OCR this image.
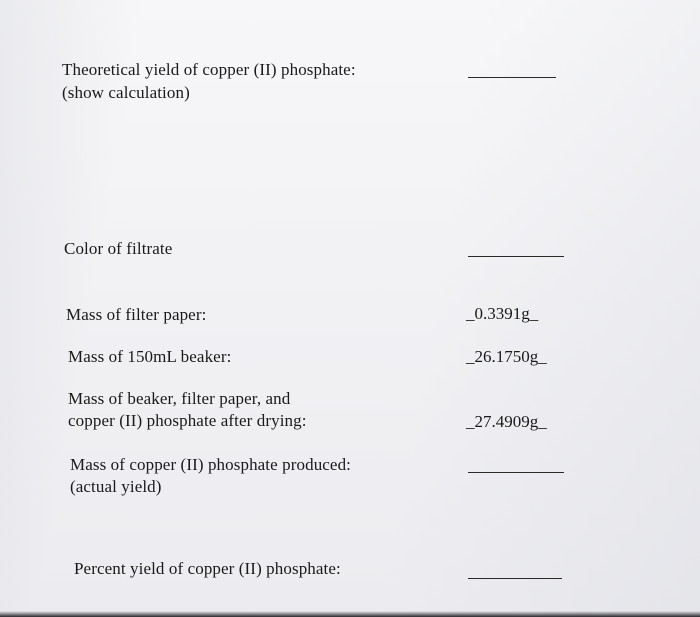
Theoretical yield of copper (II) phosphate:
(show calculation)
Color of filtrate
Mass of filter paper:	_0.3391g_
Mass of 150mL beaker:	_26.1750g_
Mass of beaker, filter paper, and
copper (II) phosphate after drying:	_27.4909g_
Mass of copper (II) phosphate produced:
(actual yield)
Percent yield of copper (II) phosphate:
